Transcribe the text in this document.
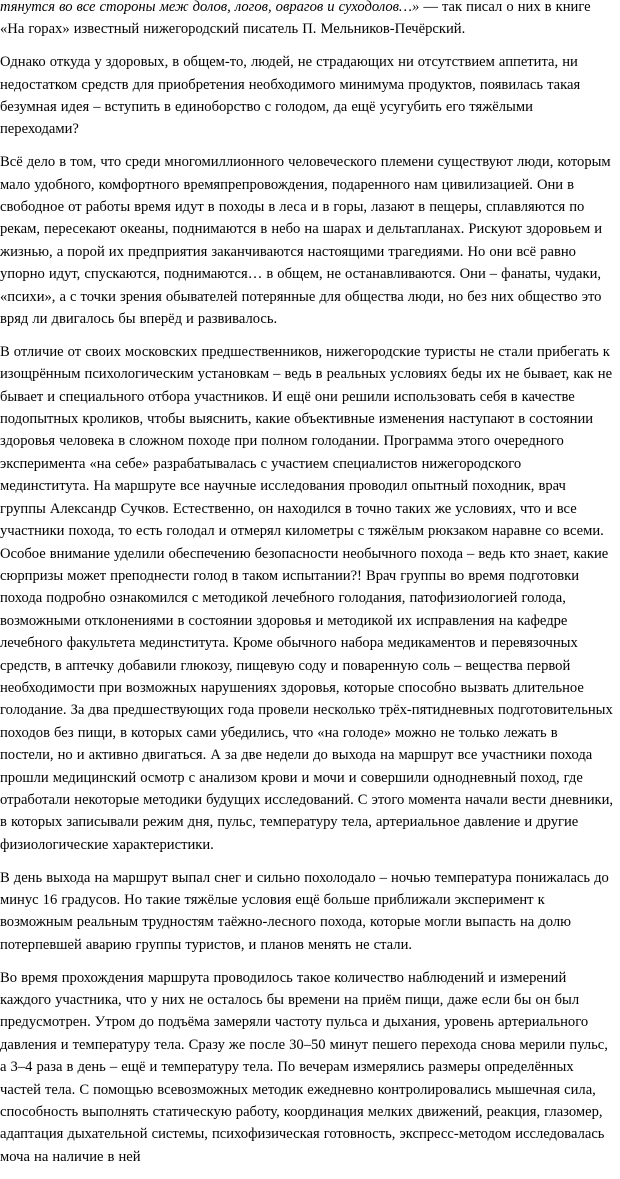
тянутся во все стороны меж долов, логов, оврагов и суходолов…» — так писал о них в книге «На горах» известный нижегородский писатель П. Мельников-Печёрский.

Однако откуда у здоровых, в общем-то, людей, не страдающих ни отсутствием аппетита, ни недостатком средств для приобретения необходимого минимума продуктов, появилась такая безумная идея – вступить в единоборство с голодом, да ещё усугубить его тяжёлыми переходами?

Всё дело в том, что среди многомиллионного человеческого племени существуют люди, которым мало удобного, комфортного времяпрепровождения, подаренного нам цивилизацией. Они в свободное от работы время идут в походы в леса и в горы, лазают в пещеры, сплавляются по рекам, пересекают океаны, поднимаются в небо на шарах и дельтапланах. Рискуют здоровьем и жизнью, а порой их предприятия заканчиваются настоящими трагедиями. Но они всё равно упорно идут, спускаются, поднимаются… в общем, не останавливаются. Они – фанаты, чудаки, «психи», а с точки зрения обывателей потерянные для общества люди, но без них общество это вряд ли двигалось бы вперёд и развивалось.

В отличие от своих московских предшественников, нижегородские туристы не стали прибегать к изощрённым психологическим установкам – ведь в реальных условиях беды их не бывает, как не бывает и специального отбора участников. И ещё они решили использовать себя в качестве подопытных кроликов, чтобы выяснить, какие объективные изменения наступают в состоянии здоровья человека в сложном походе при полном голодании. Программа этого очередного эксперимента «на себе» разрабатывалась с участием специалистов нижегородского мединститута. На маршруте все научные исследования проводил опытный походник, врач группы Александр Сучков. Естественно, он находился в точно таких же условиях, что и все участники похода, то есть голодал и отмерял километры с тяжёлым рюкзаком наравне со всеми. Особое внимание уделили обеспечению безопасности необычного похода – ведь кто знает, какие сюрпризы может преподнести голод в таком испытании?! Врач группы во время подготовки похода подробно ознакомился с методикой лечебного голодания, патофизиологией голода, возможными отклонениями в состоянии здоровья и методикой их исправления на кафедре лечебного факультета мединститута. Кроме обычного набора медикаментов и перевязочных средств, в аптечку добавили глюкозу, пищевую соду и поваренную соль – вещества первой необходимости при возможных нарушениях здоровья, которые способно вызвать длительное голодание. За два предшествующих года провели несколько трёх-пятидневных подготовительных походов без пищи, в которых сами убедились, что «на голоде» можно не только лежать в постели, но и активно двигаться. А за две недели до выхода на маршрут все участники похода прошли медицинский осмотр с анализом крови и мочи и совершили однодневный поход, где отработали некоторые методики будущих исследований. С этого момента начали вести дневники, в которых записывали режим дня, пульс, температуру тела, артериальное давление и другие физиологические характеристики.

В день выхода на маршрут выпал снег и сильно похолодало – ночью температура понижалась до минус 16 градусов. Но такие тяжёлые условия ещё больше приближали эксперимент к возможным реальным трудностям таёжно-лесного похода, которые могли выпасть на долю потерпевшей аварию группы туристов, и планов менять не стали.

Во время прохождения маршрута проводилось такое количество наблюдений и измерений каждого участника, что у них не осталось бы времени на приём пищи, даже если бы он был предусмотрен. Утром до подъёма замеряли частоту пульса и дыхания, уровень артериального давления и температуру тела. Сразу же после 30–50 минут пешего перехода снова мерили пульс, а 3–4 раза в день – ещё и температуру тела. По вечерам измерялись размеры определённых частей тела. С помощью всевозможных методик ежедневно контролировались мышечная сила, способность выполнять статическую работу, координация мелких движений, реакция, глазомер, адаптация дыхательной системы, психофизическая готовность, экспресс-методом исследовалась моча на наличие в ней
